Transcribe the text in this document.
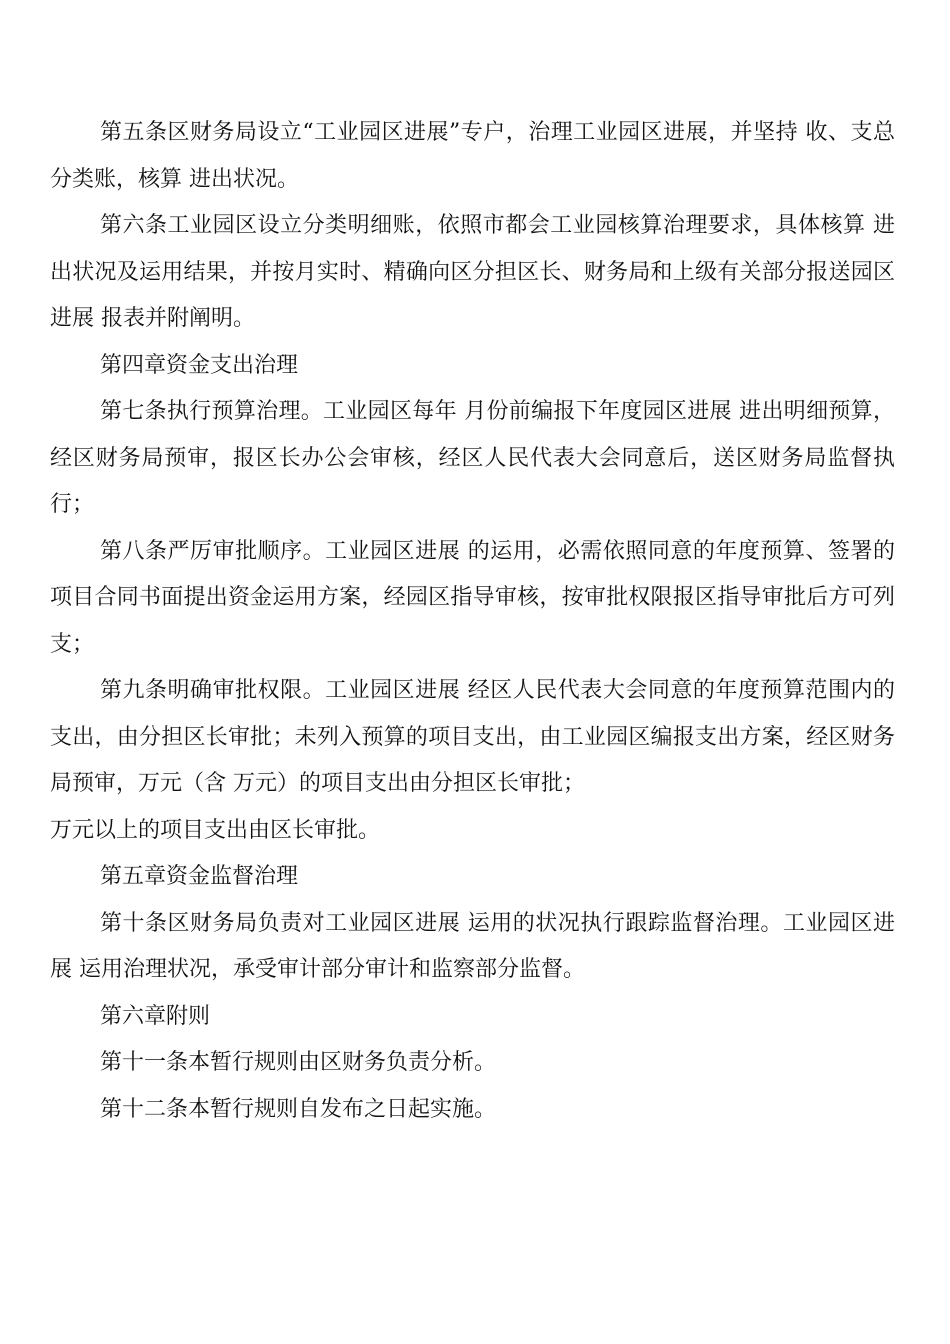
第五条区财务局设立“工业园区进展”专户，治理工业园区进展，并坚持 收、支总分类账，核算 进出状况。

第六条工业园区设立分类明细账，依照市都会工业园核算治理要求，具体核算 进出状况及运用结果，并按月实时、精确向区分担区长、财务局和上级有关部分报送园区进展 报表并附阐明。

第四章资金支出治理

第七条执行预算治理。工业园区每年 月份前编报下年度园区进展 进出明细预算，经区财务局预审，报区长办公会审核，经区人民代表大会同意后，送区财务局监督执行；

第八条严厉审批顺序。工业园区进展 的运用，必需依照同意的年度预算、签署的项目合同书面提出资金运用方案，经园区指导审核，按审批权限报区指导审批后方可列支；

第九条明确审批权限。工业园区进展 经区人民代表大会同意的年度预算范围内的支出，由分担区长审批；未列入预算的项目支出，由工业园区编报支出方案，经区财务局预审，万元（含 万元）的项目支出由分担区长审批；

万元以上的项目支出由区长审批。

第五章资金监督治理

第十条区财务局负责对工业园区进展 运用的状况执行跟踪监督治理。工业园区进展 运用治理状况，承受审计部分审计和监察部分监督。

第六章附则

第十一条本暂行规则由区财务负责分析。

第十二条本暂行规则自发布之日起实施。
